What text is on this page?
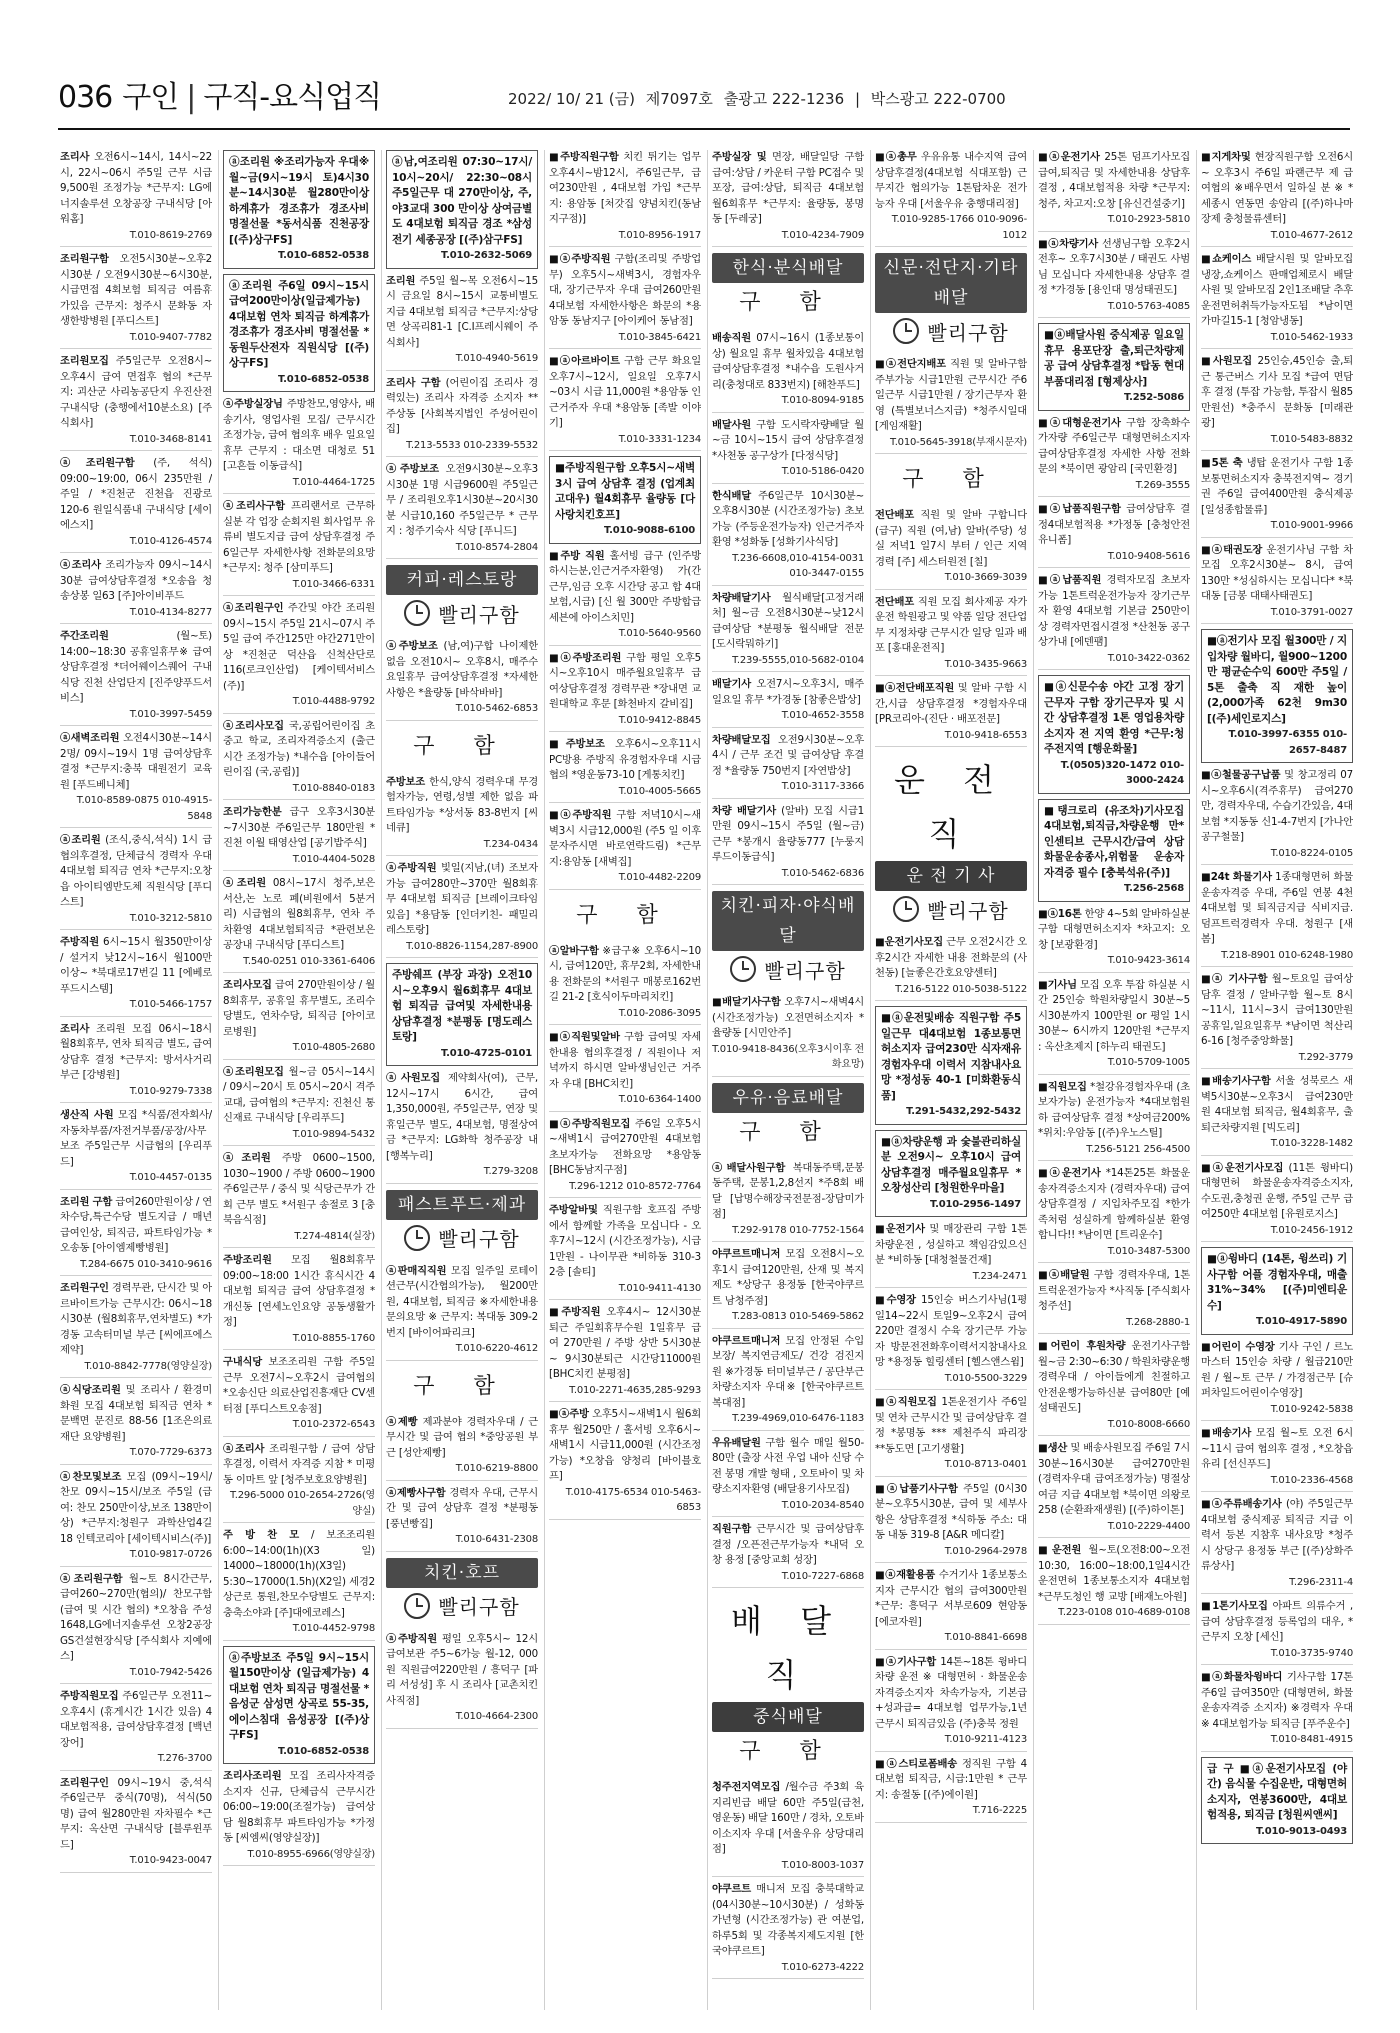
036 구인 | 구직-요식업직	2022/ 10/ 21 (금) 제7097호 출광고 222-1236 | 박스광고 222-0700
조리사 오전6시~14시, 14시~22시, 22시~06시 주5일 근무 시급9,500원 조정가능 *근무지: LG에너지솔루션 오창공장 구내식당 [아워홈]
T.010-8619-2769
조리원구함 오전5시30분~오후2시30분 / 오전9시30분~6시30분, 시급면접 4회보험 퇴직금 여름휴가있음 근무지: 청주시 문화동 자생한방병원 [푸디스트]
T.010-9407-7782
조리원모집 주5일근무 오전8시~오후4시 급여 면접후 협의 *근무지: 괴산군 사리농공단지 우진산전 구내식당 (충행에서10분소요) [주식회사]
T.010-3468-8141
ⓐ조리원구함 (주, 석식) 09:00~19:00, 06시 235만원 / 주일 / *진천군 진천읍 진광로 120-6 원일식품내 구내식당 [세이에스지]
T.010-4126-4574
ⓐ조리사 조리가능자 09시~14시30분 급여상담후결정 *오송읍 청송상봉 일63 [주]아이비푸드
T.010-4134-8277
주간조리원	(월~토) 14:00~18:30 공휴일휴무※ 급여상담후결정 *더어웨이스퀘어 구내식당 진천 산업단지 [진주양푸드서비스]
T.010-3997-5459
ⓐ새벽조리원 오전4시30분~14시 2명/ 09시~19시 1명 급여상담후결정 *근무지:충북 대원전기 교육원 [푸드베니체]
T.010-8589-0875 010-4915-5848
ⓐ조리원 (조식,중식,석식) 1시 급협의후결정, 단체급식 경력자 우대 4대보험 퇴직금 연차 *근무지:오창읍 아이티엠반도체 직원식당 [푸디스트]
T.010-3212-5810
주방직원 6시~15시 월350만이상 / 설거지 낮12시~16시 월100만이상~ *북대로17번길 11 [에베로 푸드시스템]
T.010-5466-1757
조리사 조리원 모집 06시~18시 월8회휴무, 연차 퇴직금 별도, 급여 상담후 결정 *근무지: 방서사거리 부근 [강병원]
T.010-9279-7338
생산직 사원 모집 *식품/전자회사/자동차부품/자전거부품/공장/사무보조 주5일근무 시급협의 [우리푸드]
T.010-4457-0135
조리원 구함 급여260만원이상 / 연차수당,특근수당 별도지급 / 매년 급여인상, 퇴직금, 파트타임가능 *오송동 [아이엠제빵병원]
T.284-6675 010-3410-9616
조리원구인 경력무관, 단시간 및 아르바이트가능 근무시간: 06시~18시30분 (월8회휴무,연차별도) *가경동 고속터미널 부근 [씨에프에스제약]
T.010-8842-7778(영양실장)
ⓐ식당조리원 및 조리사 / 환경미화원 모집 4대보험 퇴직금 연차 *문백면 문진로 88-56 [1조은의료재단 요양병원]
T.070-7729-6373
ⓐ찬모및보조 모집 (09시~19시/ 찬모 09시~15시/보조 주5일 (급여: 찬모 250만이상,보조 138만이상) *근무지:청원구 과학산업4길18 인텍코리아 [세이텍시비스(주)]
T.010-9817-0726
ⓐ조리원구함 월~토 8시간근무, 급여260~270만(협의)/ 찬모구함(급여 및 시간 협의) *오창읍 주성1648,LG에너지솔루션 오창2공장 GS건설현장식당 [주식회사 지예에스]
T.010-7942-5426
주방직원모집 주6일근무 오전11~오후4시 (휴게시간 1시간 있음) 4대보험적용, 급여상담후결정 [백년장어]
T.276-3700
조리원구인 09시~19시 중,석식 주6일근무 중식(70명), 석식(50명) 급여 월280만원 자차필수 *근무지: 옥산면 구내식당 [블루윈푸드]
T.010-9423-0047
ⓐ조리원 ※조리가능자 우대※ 월~금(9시~19시 토)4시30분~14시30분 월280만이상 하계휴가 경조휴가 경조사비 명절선물 *동서식품 진천공장 [(주)상구FS]
T.010-6852-0538
ⓐ조리원 주6일 09시~15시 급여200만이상(일급제가능) 4대보험 연차 퇴직금 하계휴가 경조휴가 경조사비 명절선물 *동원두산전자 직원식당 [(주)상구FS]
T.010-6852-0538
ⓐ주방실장님 주방찬모,영양사, 배송기사, 영업사원 모집/ 근무시간조정가능, 급여 협의후 배우 일요일휴무 근무지 : 대소면 대청로 51 [고흔들 이동급식]
T.010-4464-1725
ⓐ조리사구함 프리랜서로 근무하실분 각 업장 순회지원 회사업무 유류비 별도지급 급여 상담후결정 주6일근무 자세한사항 전화문의요망 *근무지: 청주 [삼미푸드]
T.010-3466-6331
ⓐ조리원구인 주간및 야간 조리원 09시~15시 주5일 21시~07시 주5일 급여 주간125만 야간271만이상 *진천군 덕산읍 신척산단로116(로크인산업) [케이텍서비스(주)]
T.010-4488-9792
ⓐ조리사모집 국,공립어린이집 초중고 학교, 조리자격증소지 (출근시간 조정가능) *내수읍 [아이들어린이집 (국,공립)]
T.010-8840-0183
조리가능한분 급구 오후3시30분~7시30분 주6일근무 180만원 *진천 이월 태영산업 [공기밥주식]
T.010-4404-5028
ⓐ조리원 08시~17시 청주,보은 서산,논 노로 폐(비원에서 5분거리) 시급협의 월8회휴무, 연차 주차환영 4대보험퇴직금 *관련보은공장내 구내식당 [푸디스트]
T.540-0251 010-3361-6406
조리사모집 급여 270만원이상 / 월8회휴무, 공휴일 휴무별도, 조리수당별도, 연차수당, 퇴직금 [아이코로병원]
T.010-4805-2680
ⓐ조리원모집 월~금 05시~14시 / 09시~20시 토 05시~20시 격주교대, 급여협의 *근무지: 진천신 통신재료 구내식당 [우리푸드]
T.010-9894-5432
ⓐ조리원 주방 0600~1500, 1030~1900 / 주방 0600~1900 주6일근무 / 중식 및 식당근무가 간 회 근무 별도 *서원구 송절로 3 [충북음식점]
T.274-4814(실장)
주방조리원 모집 월8회휴무 09:00~18:00 1시간 휴식시간 4대보험 퇴직금 급여 상담후결정 *개신동 [연세노인요양 공동생활가정]
T.010-8855-1760
구내식당 보조조리원 구함 주5일근무 오전7시~오후2시 급여협의 *오송신단 의료산업진흥재단 CV센터점 [푸디스트오송점]
T.010-2372-6543
ⓐ조리사 조리원구함 / 급여 상담후결정, 이력서 자격증 지참 * 미평동 이마트 앞 [청주보호요양병원]
T.296-5000 010-2654-2726(영양실)
주 방 찬 모 / 보조조리원 6:00~14:00(1h)(X3 일) 14000~18000(1h)(X3일) 5:30~17000(1.5h)(X2일) 세경2상근로 통원,찬모수당별도 근무지:충축소야과 [주]대에코레스]
T.010-4452-9798
ⓐ주방보조 주5일 9시~15시 월150만이상 (일급제가능) 4대보험 연차 퇴직금 명절선물 *음성군 삼성면 상곡로 55-35, 에이스침대 음성공장 [(주)상구FS]
T.010-6852-0538
조리사조리원 모집 조리사자격증소지자 신규, 단체급식 근무시간06:00~19:00(조절가능) 급여상담 월8회휴무 파트타임가능 *가정동 [씨엠씨(영양실장)]
T.010-8955-6966(영양실장)
ⓐ남,여조리원 07:30~17시/ 10시~20시/ 22:30~08시 주5일근무 대 270만이상, 주,야3교대 300 만이상 상여금별도 4대보험 퇴직금 경조 *삼성전기 세종공장 [(주)삼구FS]
T.010-2632-5069
조리원 주5일 월~목 오전6시~15시 금요일 8시~15시 교통비별도지급 4대보험 퇴직금 *근무지:상당면 상곡리81-1 [C.I프레시웨이 주식회사]
T.010-4940-5619
조리사 구함 (어린이집 조리사 경력있는) 조리사 자격증 소지자 **주상동 [사회복지법인 주성어린이집]
T.213-5533 010-2339-5532
ⓐ주방보조 오전9시30분~오후3시30분 1명 시급9600원 주5일근무 / 조리원오후1시30분~20시30분 시급10,160 주5일근무 * 근무지 : 청주기숙사 식당 [푸니드]
T.010-8574-2804
커피·레스토랑
빨리구함
ⓐ주방보조 (남,여)구합 나이제한 없음 오전10시~ 오후8시, 매주수요일휴무 급여상담후결정 *자세한사항은 *율량동 [바삭바바]
T.010-5462-6853
구 함
주방보조 한식,양식 경력우대 무경험자가능, 연령,성별 제한 없음 파트타임가능 *상서동 83-8번지 [씨네큐]
T.234-0434
ⓐ주방직원 빛일(지남,(녀) 조보자가능 급여280만~370만 월8회휴무 4대보험 퇴직금 [브레이크타임있음] *용담동 [인더키친- 패밀리레스토랑]
T.010-8826-1154,287-8900
주방쉐프 (부장 과장) 오전10시~오후9시 월6회휴무 4대보험 퇴직금 급여및 자세한내용 상담후결정 *분평동 [명도레스토랑]
T.010-4725-0101
ⓐ사원모집 제약회사(여), 근무, 12시~17시 6시간, 급여 1,350,000원, 주5일근무, 연장 및 휴일근무 별도, 4대보험, 명절상여금 *근무지: LG화학 청주공장 내 [행복누리]
T.279-3208
패스트푸드·제과
빨리구함
ⓐ판매직직원 모집 일주일 로테이션근무(시간협의가능), 월200만원, 4대보험, 퇴직금 ※자세한내용 문의요망 ※ 근무지: 복대동 309-2번지 [바이어파리크]
T.010-6220-4612
구 함
ⓐ제빵 제과분야 경력자우대 / 근무시간 및 급여 협의 *중앙공원 부근 [성안제빵]
T.010-6219-8800
ⓐ제빵사구함 경력자 우대, 근무시간 및 급여 상담후 결정 *분평동 [풍년빵집]
T.010-6431-2308
치킨·호프
빨리구함
ⓐ주방직원 평일 오후5시~ 12시 급여보관 주5~6가능 월-12, 000원 직원급여220만원 / 흥덕구 [파리 서성성] 후 시 조리사 [교촌치킨 사직점]
T.010-4664-2300
■주방직원구함 치킨 튀기는 업무 오후4시~밤12시, 주6일근무, 급여230만원 , 4대보험 가입 *근무지: 용암동 [처갓집 양념치킨(동남지구점)]
T.010-8956-1917
■ⓐ주방직원 구함(조리및 주방업무) 오후5시~새벽3시, 경험자우대, 장기근무자 우대 급여260만원 4대보험 자세한사항은 화문의 *용암동 동남지구 [아이케어 동남점]
T.010-3845-6421
■ⓐ아르바이트 구함 근무 화요일 오후7시~12시, 일요일 오후7시~03시 시급 11,000원 *용암동 인근거주자 우대 *용암동 [족발 이야기]
T.010-3331-1234
■주방직원구함 오후5시~새벽3시 급여 상담후 결정 (업계최고대우) 월4회휴무 율량동 [다사랑치킨호프]
T.010-9088-6100
■주방 직원 홀서빙 급구 (인주방하시는분,인근거주자환영) 가(간 근무,임금 오후 시간당 공고 합 4대보험,시급) [신 월 300만 주방합급 세븐에 아이스치민]
T.010-5640-9560
■ⓐ주방조리원 구함 평일 오후5시~오후10시 매주월요일휴무 급여상담후결정 경력무관 *장내면 교원대학교 후문 [화천바지 갈비집]
T.010-9412-8845
■주방보조 오후6시~오후11시 PC방용 주방직 유경험자우대 시급협의 *영운동73-10 [게통치킨]
T.010-4005-5665
■ⓐ주방직원 구함 저녁10시~새벽3시 시급12,000원 (주5 일 이후 문자주시면 바로연락드림) *근무지:용암동 [새벽집]
T.010-4482-2209
구 함
ⓐ알바구함 ※급구※ 오후6시~10시, 급여120만, 휴무2회, 자세한내용 전화문의 *서원구 매봉로162번길 21-2 [호식이두마리치킨]
T.010-2086-3095
■ⓐ직원및알바 구함 급여및 자세한내용 협의후결정 / 직원이나 저녁까지 하시면 알바생님인근 거주자 우대 [BHC치킨]
T.010-6364-1400
■ⓐ주방직원모집 주6일 오후5시~새벽1시 급여270만원 4대보험 초보자가능 전화요망 *용암동 [BHC동남지구점]
T.296-1212 010-8572-7764
주방알바및 직원구함 호프집 주방에서 함께할 가족을 모십니다 - 오후7시~12시 (시간조정가능), 시급1만원 - 나이무관 *비하동 310-3 2층 [솔티]
T.010-9411-4130
■주방직원 오후4시~ 12시30분퇴근 주일회휴무수원 1일휴무 급여 270만원 / 주방 상반 5시30분~ 9시30분퇴근 시간당11000원 [BHC치킨 분평점]
T.010-2271-4635,285-9293
■ⓐ주방 오후5시~새벽1시 월6회 휴무 월250만 / 홀서빙 오후6시~새벽1시 시급11,000원 (시간조정가능) *오창읍 양청리 [바이블호프]
T.010-4175-6534 010-5463-6853
주방실장 및 면장, 배달일당 구함 급여:상담 / 카운터 구함 PC접수 및 포장, 급여:상담, 퇴직금 4대보험 월6회휴무 *근무지: 율량동, 봉명동 [두레궁]
T.010-4234-7909
한식·분식배달
구 함
배송직원 07시~16시 (1종보통이상) 월요일 휴무 월차있음 4대보험 급여상담후결정 *내수읍 도원사거리(충청대로 833번지) [해찬푸드]
T.010-8094-9185
배달사원 구함 도시락자량배달 월~금 10시~15시 급여 상담후결정 *사천동 공구상가 [다정식당]
T.010-5186-0420
한식배달 주6일근무 10시30분~오후8시30분 (시간조정가능) 초보가능 (주등운전가능자) 인근거주자환영 *성화동 [성화기사식당]
T.236-6608,010-4154-0031 010-3447-0155
차량배달기사 월식배달[고정거래처] 월~금 오전8시30분~낮12시 급여상담 *분평동 월식배달 전문 [도시락뭐하기]
T.239-5555,010-5682-0104
배달기사 오전7시~오후3시, 매주 일요일 휴무 *가경동 [참좋은밥상]
T.010-4652-3558
차량배달모집 오전9시30분~오후4시 / 근무 조건 및 급여상담 후결정 *율량동 750번지 [자연밥상]
T.010-3117-3366
차량 배달기사 (알바) 모집 시급1만원 09시~15시 주5일 (월~금) 근무 *봉개시 율량동777 [누룽지루드이동급식]
T.010-5462-6836
치킨·피자·야식배달
빨리구함
■배달기사구함 오후7시~새벽4시(시간조정가능) 오전면허소지자 *율량동 [시민안주]
T.010-9418-8436(오후3시이후 전화요망)
우유·음료배달
구 함
ⓐ배달사원구함 복대동주택,문봉동주택, 문봉1,2,8선지 *주8회 배달 [납명수해장국전문점-장담미가점]
T.292-9178 010-7752-1564
야쿠르트매니저 모집 오전8시~오후1시 급여120만원, 산재 및 복지제도 *상당구 용정동 [한국야쿠르트 남청주점]
T.283-0813 010-5469-5862
야쿠르트매니저 모집 안정된 수입보장/ 복지연금제도/ 건강 검진지원 ※가경동 터미널부근 / 공단부근 차량소지자 우대※ [한국야쿠르트 복대점]
T.239-4969,010-6476-1183
우유배달원 구함 월수 매일 월50-80만 (출장 사전 우업 내아 신당 수전 봉명 개발 형태 , 오토바이 및 차량소지자환영 (배달용기사모집)
T.010-2034-8540
직원구함 근무시간 및 급여상담후결정 /오픈전근무가능자 *내덕 오창 용정 [중앙교회 성장]
T.010-7227-6868
배 달 직
중식배달
구 함
청주전지역모집 /월수금 주3회 육지리빈급 배달 60만 주5일(급천,영운동) 배달 160만 / 경차, 오토바이소지자 우대 [서울우유 상당대리점]
T.010-8003-1037
야쿠르트 매니저 모집 충북대학교(04시30분~10시30분) / 성화동 가년형 (시간조정가능) 관 여분업, 하루5회 및 각종복지제도지원 [한국야쿠르트]
T.010-6273-4222
■ⓐ총무 우유유통 내수지역 급여 상담후결정(4대보험 식대포함) 근무지간 협의가능 1톤탑차운 전가능자 우대 [서울우유 충행대리점]
T.010-9285-1766 010-9096-1012
신문·전단지·기타배달
빨리구함
■ⓐ전단지배포 직원 및 알바구함 주부가능 시급1만원 근무시간 주6일근무 시급1만원 / 장기근무자 환영 (특별보너스지급) *청주시일대 [게임재활]
T.010-5645-3918(부재시문자)
구 함
전단배포 직원 및 알바 구합니다 (급구) 직원 (여,남) 알바(주당) 성실 저녁1 일7시 부터 / 인근 지역 경력 [주] 세스터원전 [칠]
T.010-3669-3039
전단배포 직원 모집 회사제공 자가운전 학원광고 및 약품 일당 전단업무 지정차량 근무시간 일당 일과 배포 [홍대운전직]
T.010-3435-9663
■ⓐ전단배포직원 및 알바 구함 시간,시급 상담후결정 *경험자우대 [PR코리아-(진단 · 배포전문]
T.010-9418-6553
운 전 직
운 전 기 사
빨리구함
■운전기사모집 근무 오전2시간 오후2시간 자세한 내용 전화문의 (사천동) [늘좋은간호요양센터]
T.216-5122 010-5038-5122
■ⓐ운전및배송 직원구함 주5일근무 대4대보험 1종보통면허소지자 급여230만 식자재유경험자우대 이력서 지참내사요망 *정성동 40-1 [미화환동식품]
T.291-5432,292-5432
■ⓐ차량운행 과 숯불관리하실분 오전9시~ 오후10시 급여상담후결정 매주월요일휴무 *오창성산리 [청원한우마을]
T.010-2956-1497
■운전기사 및 매장관리 구함 1톤차량운전 , 성실하고 책임감있으신분 *비하동 [대청철물건재]
T.234-2471
■수영장 15인승 버스기사님(1평일14~22시 토일9~오후2시 급여220만 결정시 수육 장기근무 가능자 방문전전화후이력서지참내사요망 *용정동 힐링센터 [헬스앤스윔]
T.010-5500-3229
■ⓐ직원모집 1톤운전기사 주6일 및 연차 근무시간 및 급여상담후 결정 *봉명동 *** 제천주식 파리장 **동도면 [고기생활]
T.010-8713-0401
■ⓐ납품기사구함 주5일 (0시30분~오후5시30분, 급여 및 세부사항은 상담후결정 *식하동 주소: 대동 내동 319-8 [A&R 메디칼]
T.010-2964-2978
■ⓐ재활용품 수거기사 1종보통소지자 근무시간 협의 급여300만원 *근무: 흥덕구 서부로609 현암동 [에코자원]
T.010-8841-6698
■ⓐ기사구합 14톤~18톤 윙바디차량 운전 ※ 대형면허 · 화물운송자격증소지자 차속가능자, 기본급+성과급= 4대보험 업무가능,1년근무시 퇴직금있음 (주)충북 정원
T.010-9211-4123
■ⓐ스티로폼배송 정직원 구함 4대보험 퇴직금, 시급:1만원 * 근무지: 송절동 [(주)에이원]
T.716-2225
■ⓐ운전기사 25톤 덤프기사모집 급여,퇴직금 및 자세한내용 상담후결정 , 4대보험적용 차량 *근무지:청주, 차고지:오창 [유신건설중기]
T.010-2923-5810
■ⓐ차량기사 선생님구함 오후2시전후~ 오후7시30분 / 태권도 사범님 모십니다 자세한내용 상담후 결정 *가경동 [용인대 명성태권도]
T.010-5763-4085
■ⓐ배달사원 중식제공 일요일휴무 용포단장 출,퇴근차량제공 급여 상담후결정 *탑동 현대부품대리점 [형제상사]
T.252-5086
■ⓐ대형운전기사 구함 장축화수가자량 주6일근무 대형면허소지자 급여상담후결정 자세한 사항 전화문의 *북이면 광암리 [국민환경]
T.269-3555
■ⓐ납품직원구함 급여상담후 결정4대보험적용 *가정동 [충청안전유니폼]
T.010-9408-5616
■ⓐ납품직원 경력자모집 초보자가능 1톤트럭운전가능자 장기근무자 환영 4대보험 기본급 250만이상 경력자면접시결정 *산천동 공구상가내 [에덴팸]
T.010-3422-0362
■ⓐ신문수송 야간 고정 장기근무자 구함 장기근무자 및 시간 상담후결정 1톤 영업용차량소지자 전 지역 환영 *근무:청주전지역 [행운화물]
T.(0505)320-1472 010-3000-2424
■탱크로리 (유조차)기사모집 4대보험,퇴직금,차량운행 만*인센티브 근무시간/급여 상담 화물운송종사,위험물 운송자 자격증 필수 [충북석유(주)]
T.256-2568
■ⓐ16톤 한양 4~5회 알바하실분 구함 대형면허소지자 *차고지: 오창 [보광환경]
T.010-9423-3614
■기사님 모집 오후 투잡 하실분 시간 25인승 학원차량일시 30분~5시30분까지 100만원 or 평일 1시30분~ 6시까지 120만원 *근무지 : 옥산초제지 [하누리 태권도]
T.010-5709-1005
■직원모집 *철강유경험자우대 (초보자가능) 운전가능자 *4대보험원하 급여상담후 결정 *상여금200% *위치:우암동 [(주)우노스틸]
T.256-5121 256-4500
■ⓐ운전기사 *14톤25톤 화물운송자격증소지자 (경력자우대) 급여상담후결정 / 지입차주모집 *한가족처럼 성실하게 함께하실분 환영합니다!! *남이면 [트리운수]
T.010-3487-5300
■ⓐ배달원 구함 경력자우대, 1톤트럭운전가능자 *사직동 [주식회사 청주선]
T.268-2880-1
■어린이 후원차량 운전기사구함 월~금 2:30~6:30 / 학원차량운행경력우대 / 아이들에게 친절하고 안전운행가능하신분 급여80만 [예섬태권도]
T.010-8008-6660
■생산 및 배송사원모집 주6일 7시30분~16시30분 급여270만원 (경력자우대 급여조정가능) 명절상여금 지급 4대보험 *북이면 의왕로 258 (순환좌재생원) [(주)하이톤]
T.010-2229-4400
■운전원 월~토(오전8:00~오전10:30, 16:00~18:00,1일4시간 운전면허 1종보통소지자 4대보험 *근무도청인 행 교방 [배재노아원]
T.223-0108 010-4689-0108
■지게차및 현장직원구함 오전6시~ 오후3시 주6일 파랜근무 제 급여협의 ※배우면서 일하실 분 ※ *세종시 연동면 송암리 [(주)하나마장제 충청물류센터]
T.010-4677-2612
■쇼케이스 배달시원 및 알바모집 냉장,쇼케이스 판매업체로시 배달사원 및 알바모집 2인1조배달 추후운전면허취득가능자도됨 *남이면 가마길15-1 [청암냉동]
T.010-5462-1933
■사원모집 25인승,45인승 출,퇴근 통근버스 기사 모집 *급여 면담 후 결정 (투잡 가능함, 투잡시 월85만원선) *충주시 문화동 [미래관광]
T.010-5483-8832
■5톤 축 냉탑 운전기사 구함 1종보통면허소지자 충북전지역~ 경기권 주6일 급여400만원 충식제공 [일성종합물류]
T.010-9001-9966
■ⓐ태권도장 운전기사님 구함 차 모집 오후2시30분~ 8시, 급여 130만 *성심하시는 모십니다* *북대동 [금봉 대태사태권도]
T.010-3791-0027
■ⓐ전기사 모집 월300만 / 지입차량 월바디, 월900~1200만 평균순수익 600만 주5일 / 5톤 출축 직 재한 높이 (2,000가족 62천 9m30 [(주)세인로지스]
T.010-3997-6355 010-2657-8487
■ⓐ철물공구납품 및 창고정리 07시~오후6시(격주휴무) 급여270만, 경력자우대, 수습기간있음, 4대보험 *지동동 신1-4-7번지 [가나안공구철물]
T.010-8224-0105
■24t 화물기사 1종대형면허 화물운송자격증 우대, 주6일 연봉 4천 4대보험 및 퇴직금지급 식비지급. 덤프트럭경력자 우대. 청원구 [새봄]
T.218-8901 010-6248-1980
■ⓐ 기사구함 월~토요일 급여상담후 결정 / 알바구함 월~토 8시~11시, 11시~3시 급여130만원 공휴일,일요일휴무 *남이면 척산리 6-16 [청주중앙화물]
T.292-3779
■배송기사구함 서울 성북로스 새벽5시30분~오후3시 급여230만원 4대보험 퇴직금, 월4회휴무, 출퇴근차량지원 [빅도리]
T.010-3228-1482
■ⓐ운전기사모집 (11톤 윙바디) 대형면허 화물운송자격증소지자, 수도권,충청권 운행, 주5일 근무 급여250만 4대보험 [유원로지스]
T.010-2456-1912
■ⓐ윙바디 (14톤, 윙쓰리) 기사구함 어플 경험자우대, 매출31%~34% [(주)미엔티운수]
T.010-4917-5890
■어린이 수영장 기사 구인 / 르노마스터 15인승 차량 / 월급210만원 / 월~토 근무 / 가경점근무 [슈퍼차일드어린이수영장]
T.010-9242-5838
■배송기사 모집 월~토 오전 6시~11시 급여 협의후 결정 , *오창읍 유리 [선신푸드]
T.010-2336-4568
■ⓐ주류배송기사 (야) 주5일근무 4대보험 중식제공 퇴직금 지급 이력서 등본 지참후 내사요망 *청주시 상당구 용정동 부근 [(주)상화주류상사]
T.296-2311-4
■1톤기사모집 아파트 의류수거 , 급여 상담후결정 등록업의 대우, *근무지 오창 [세신]
T.010-3735-9740
■ⓐ화물차윙바디 기사구함 17톤 주6일 급여350만 (대형면허, 화물운송자격증 소지자) ※경력자 우대 ※ 4대보험가능 퇴직금 [푸주운수]
T.010-8481-4915
급 구 ■ⓐ운전기사모집 (야간) 음식물 수집운반, 대형면허소지자, 연봉3600만, 4대보험적용, 퇴직금 [청원씨앤씨]
T.010-9013-0493
